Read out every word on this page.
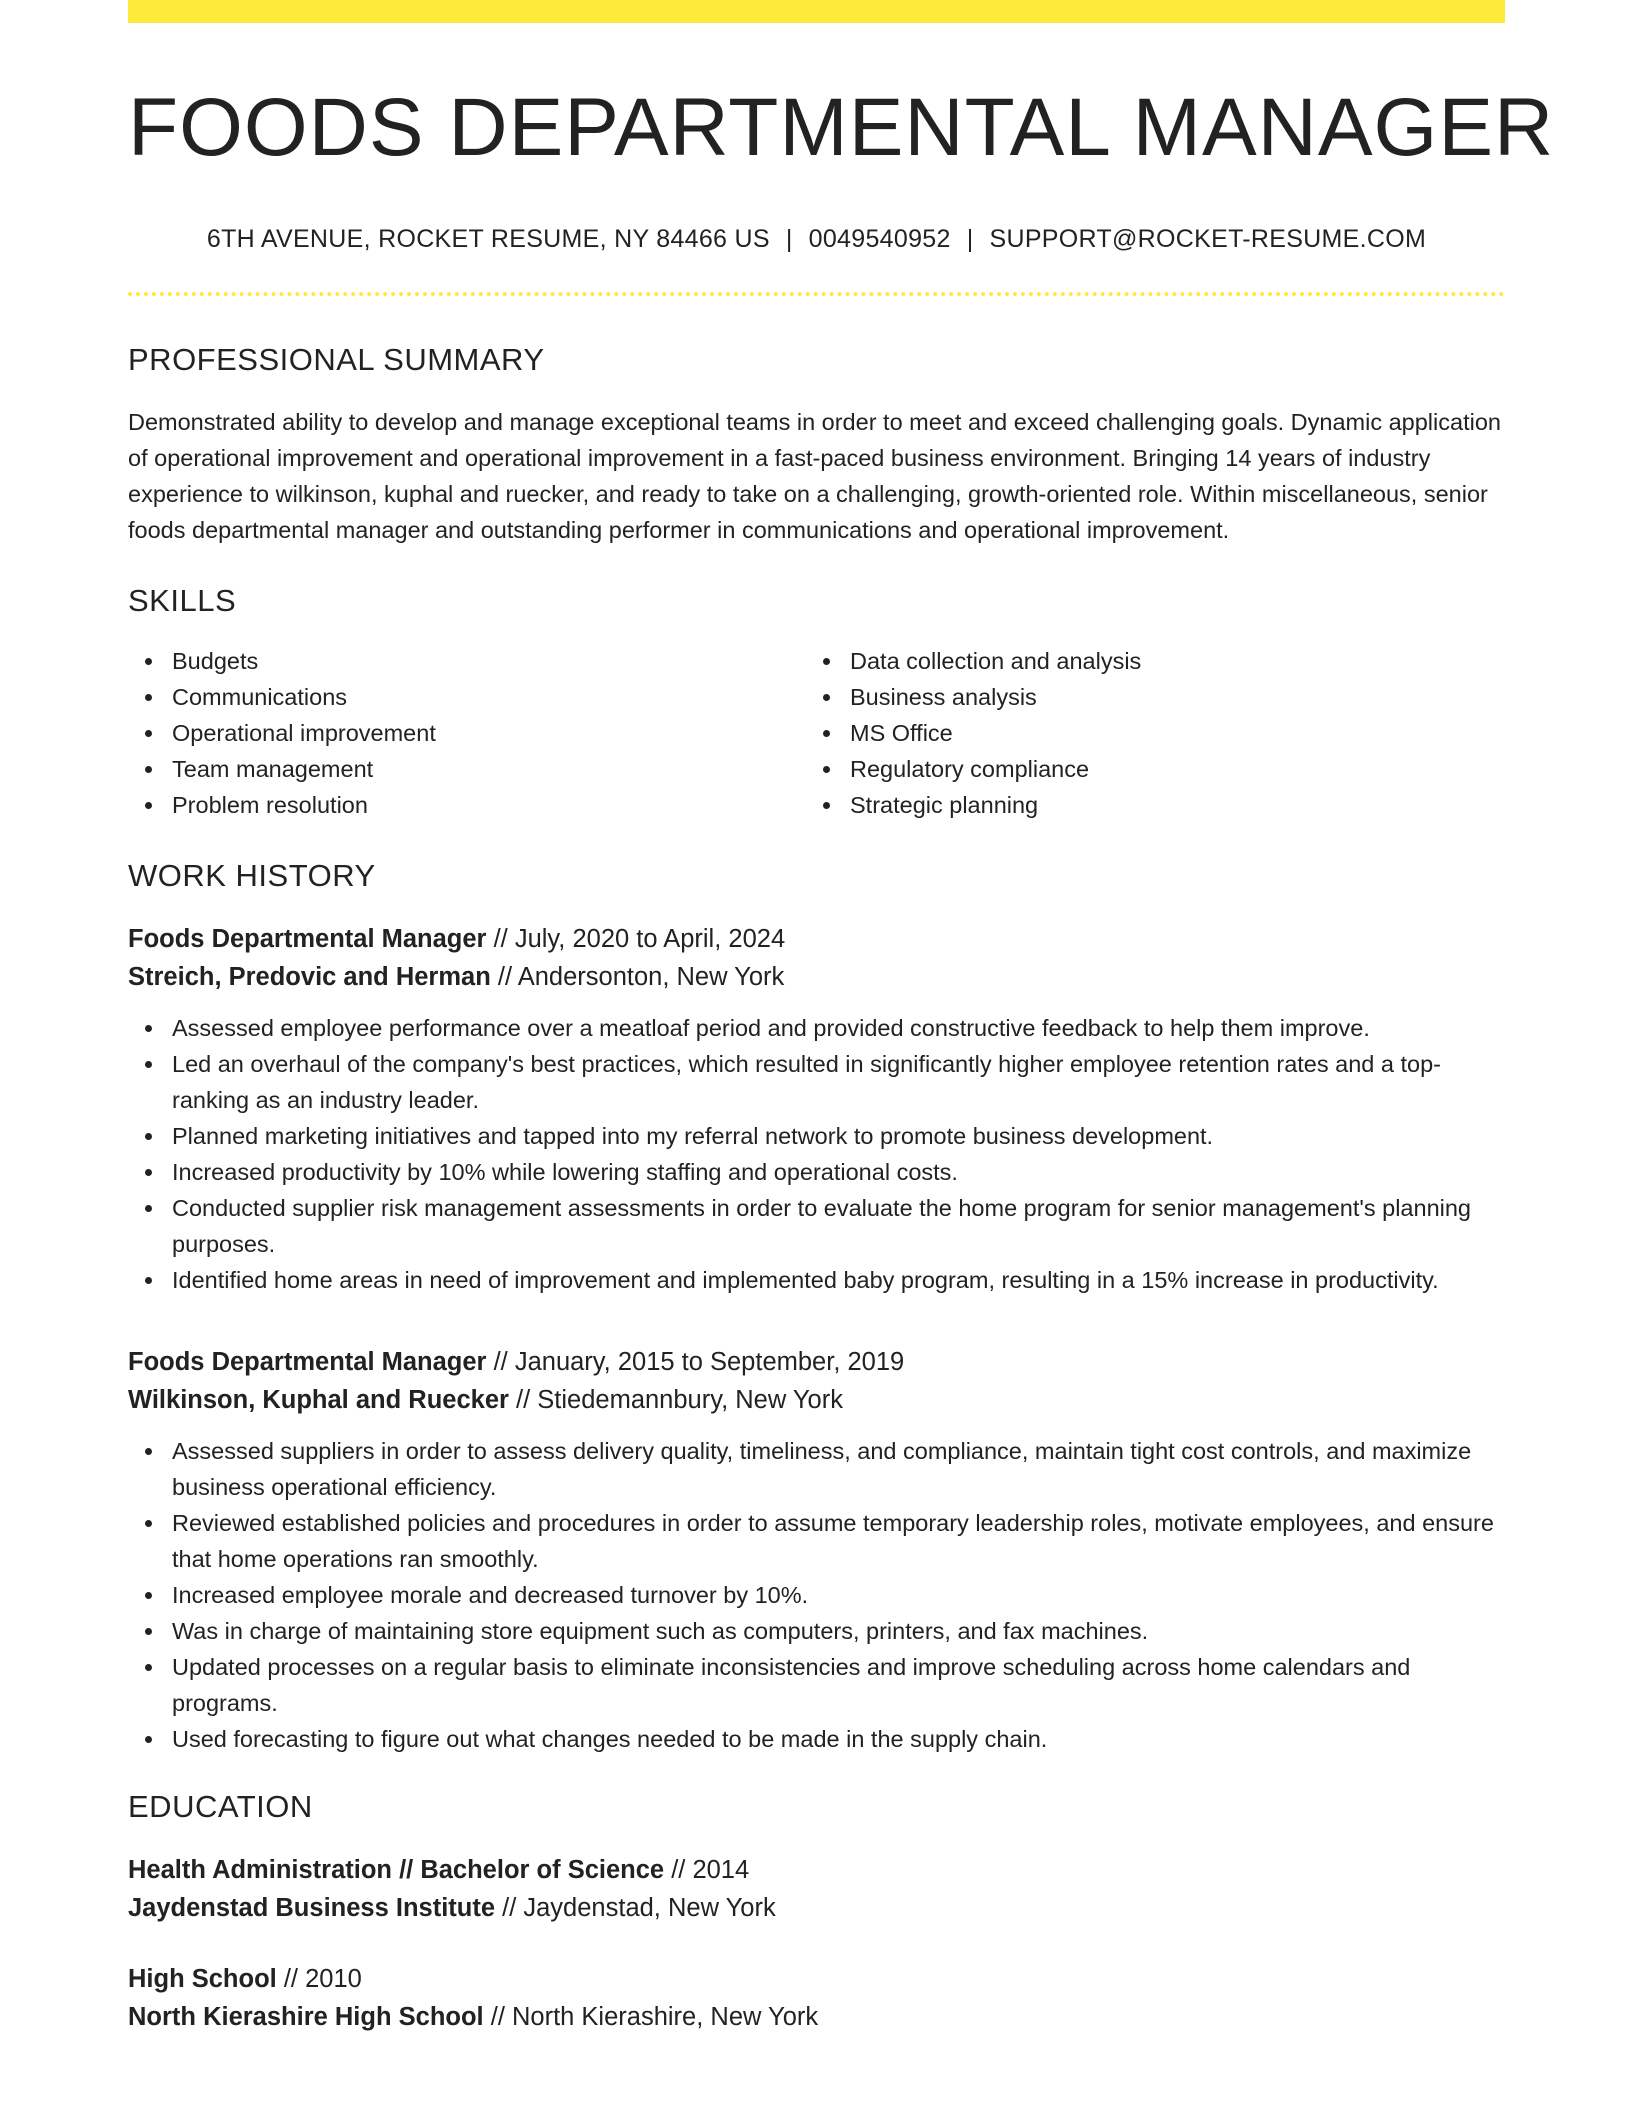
FOODS DEPARTMENTAL MANAGER
6TH AVENUE, ROCKET RESUME, NY 84466 US | 0049540952 | SUPPORT@ROCKET-RESUME.COM
PROFESSIONAL SUMMARY
Demonstrated ability to develop and manage exceptional teams in order to meet and exceed challenging goals. Dynamic application of operational improvement and operational improvement in a fast-paced business environment. Bringing 14 years of industry experience to wilkinson, kuphal and ruecker, and ready to take on a challenging, growth-oriented role. Within miscellaneous, senior foods departmental manager and outstanding performer in communications and operational improvement.
SKILLS
Budgets
Communications
Operational improvement
Team management
Problem resolution
Data collection and analysis
Business analysis
MS Office
Regulatory compliance
Strategic planning
WORK HISTORY
Foods Departmental Manager // July, 2020 to April, 2024
Streich, Predovic and Herman // Andersonton, New York
Assessed employee performance over a meatloaf period and provided constructive feedback to help them improve.
Led an overhaul of the company's best practices, which resulted in significantly higher employee retention rates and a top-ranking as an industry leader.
Planned marketing initiatives and tapped into my referral network to promote business development.
Increased productivity by 10% while lowering staffing and operational costs.
Conducted supplier risk management assessments in order to evaluate the home program for senior management's planning purposes.
Identified home areas in need of improvement and implemented baby program, resulting in a 15% increase in productivity.
Foods Departmental Manager // January, 2015 to September, 2019
Wilkinson, Kuphal and Ruecker // Stiedemannbury, New York
Assessed suppliers in order to assess delivery quality, timeliness, and compliance, maintain tight cost controls, and maximize business operational efficiency.
Reviewed established policies and procedures in order to assume temporary leadership roles, motivate employees, and ensure that home operations ran smoothly.
Increased employee morale and decreased turnover by 10%.
Was in charge of maintaining store equipment such as computers, printers, and fax machines.
Updated processes on a regular basis to eliminate inconsistencies and improve scheduling across home calendars and programs.
Used forecasting to figure out what changes needed to be made in the supply chain.
EDUCATION
Health Administration // Bachelor of Science // 2014
Jaydenstad Business Institute // Jaydenstad, New York
High School // 2010
North Kierashire High School // North Kierashire, New York
